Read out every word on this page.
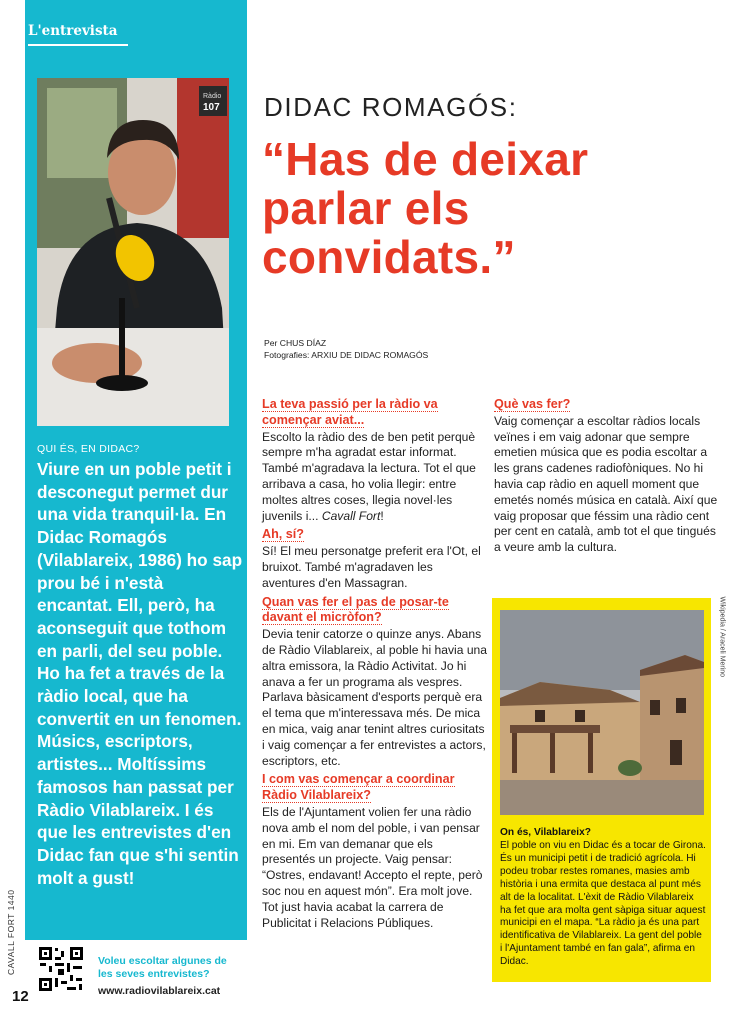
L'entrevista
Ràdio
107
QUI ÉS, EN DIDAC?

Viure en un poble petit i desconegut permet dur una vida tranquil·la. En Didac Romagós (Vilablareix, 1986) ho sap prou bé i n'està encantat. Ell, però, ha aconseguit que tothom en parli, del seu poble. Ho ha fet a través de la ràdio local, que ha convertit en un fenomen. Músics, escriptors, artistes... Moltíssims famosos han passat per Ràdio Vilablareix. I és que les entrevistes d'en Didac fan que s'hi sentin molt a gust!

CAVALL FORT 1440	Voleu escoltar algunes de les seves entrevistes?
www.radiovilablareix.cat
12
DIDAC ROMAGÓS:
“Has de deixar parlar els convidats.”
Per CHUS DÍAZ
Fotografies: ARXIU DE DIDAC ROMAGÓS

La teva passió per la ràdio va començar aviat...

Escolto la ràdio des de ben petit perquè sempre m'ha agradat estar informat. També m'agradava la lectura. Tot el que arribava a casa, ho volia llegir: entre moltes altres coses, llegia novel·les juvenils i... Cavall Fort!

Ah, sí?

Sí! El meu personatge preferit era l'Ot, el bruixot. També m'agradaven les aventures d'en Massagran.

Quan vas fer el pas de posar-te davant el micròfon?

Devia tenir catorze o quinze anys. Abans de Ràdio Vilablareix, al poble hi havia una altra emissora, la Ràdio Activitat. Jo hi anava a fer un programa als vespres. Parlava bàsicament d'esports perquè era el tema que m'interessava més. De mica en mica, vaig anar tenint altres curiositats i vaig començar a fer entrevistes a actors, escriptors, etc.

I com vas començar a coordinar Ràdio Vilablareix?

Els de l'Ajuntament volien fer una ràdio nova amb el nom del poble, i van pensar en mi. Em van demanar que els presentés un projecte. Vaig pensar: “Ostres, endavant! Accepto el repte, però soc nou en aquest món”. Era molt jove. Tot just havia acabat la carrera de Publicitat i Relacions Públiques.

Què vas fer?

Vaig començar a escoltar ràdios locals veïnes i em vaig adonar que sempre emetien música que es podia escoltar a les grans cadenes radiofòniques. No hi havia cap ràdio en aquell moment que emetés només música en català. Així que vaig proposar que féssim una ràdio cent per cent en català, amb tot el que tingués a veure amb la cultura.

On és, Vilablareix?
El poble on viu en Didac és a tocar de Girona. És un municipi petit i de tradició agrícola. Hi podeu trobar restes romanes, masies amb història i una ermita que destaca al punt més alt de la localitat. L'èxit de Ràdio Vilablareix ha fet que ara molta gent sàpiga situar aquest municipi en el mapa. “La ràdio ja és una part identificativa de Vilablareix. La gent del poble i l'Ajuntament també en fan gala”, afirma en Didac.
Wikipedia / Araceli Merino
